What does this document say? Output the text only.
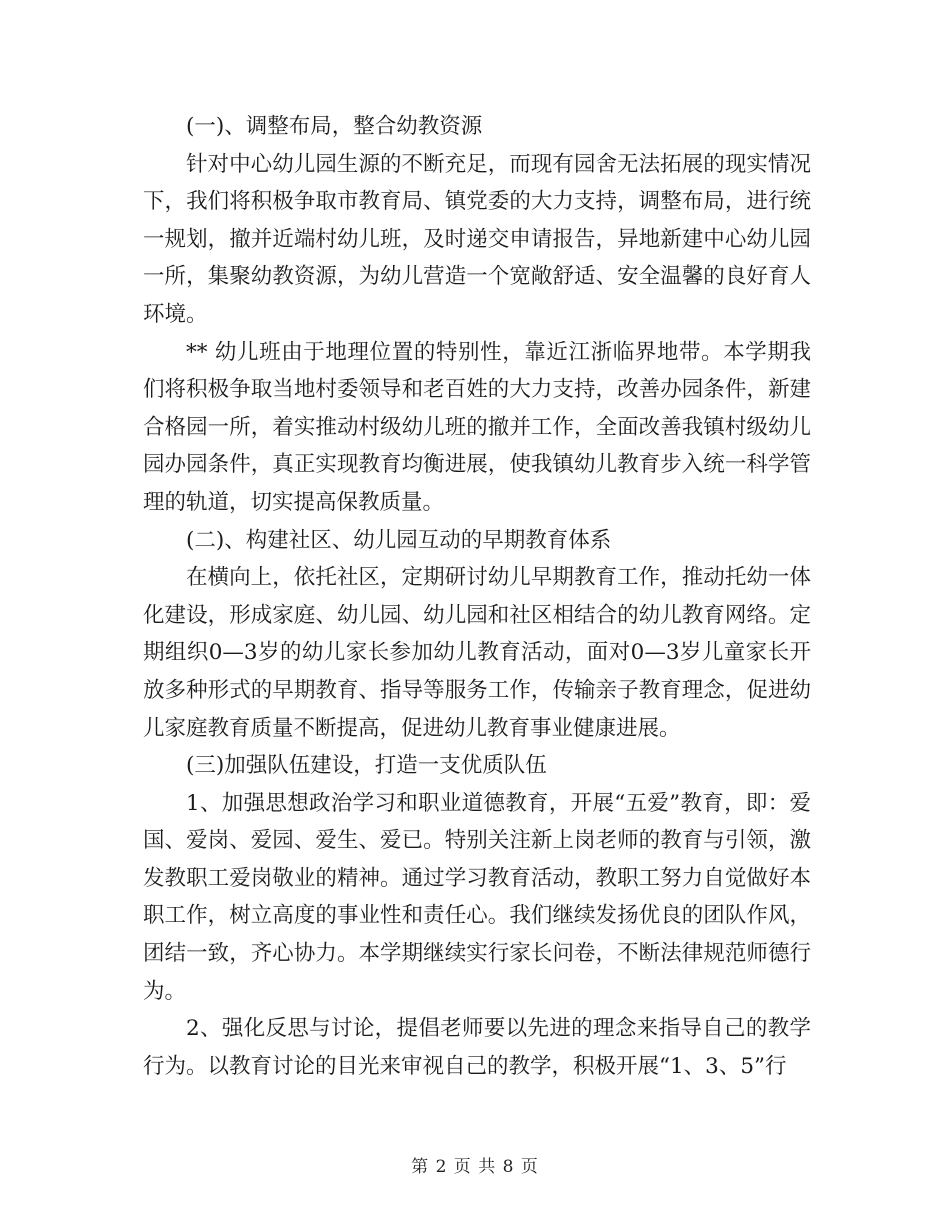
(一)、调整布局，整合幼教资源

针对中心幼儿园生源的不断充足，而现有园舍无法拓展的现实情况下，我们将积极争取市教育局、镇党委的大力支持，调整布局，进行统一规划，撤并近端村幼儿班，及时递交申请报告，异地新建中心幼儿园一所，集聚幼教资源，为幼儿营造一个宽敞舒适、安全温馨的良好育人环境。

** 幼儿班由于地理位置的特别性，靠近江浙临界地带。本学期我们将积极争取当地村委领导和老百姓的大力支持，改善办园条件，新建合格园一所，着实推动村级幼儿班的撤并工作，全面改善我镇村级幼儿园办园条件，真正实现教育均衡进展，使我镇幼儿教育步入统一科学管理的轨道，切实提高保教质量。

(二)、构建社区、幼儿园互动的早期教育体系

在横向上，依托社区，定期研讨幼儿早期教育工作，推动托幼一体化建设，形成家庭、幼儿园、幼儿园和社区相结合的幼儿教育网络。定期组织0—3岁的幼儿家长参加幼儿教育活动，面对0—3岁儿童家长开放多种形式的早期教育、指导等服务工作，传输亲子教育理念，促进幼儿家庭教育质量不断提高，促进幼儿教育事业健康进展。

(三)加强队伍建设，打造一支优质队伍

1、加强思想政治学习和职业道德教育，开展“五爱”教育，即：爱国、爱岗、爱园、爱生、爱已。特别关注新上岗老师的教育与引领，激发教职工爱岗敬业的精神。通过学习教育活动，教职工努力自觉做好本职工作，树立高度的事业性和责任心。我们继续发扬优良的团队作风，团结一致，齐心协力。本学期继续实行家长问卷，不断法律规范师德行为。

2、强化反思与讨论，提倡老师要以先进的理念来指导自己的教学行为。以教育讨论的目光来审视自己的教学，积极开展“1、3、5”行

第 2 页 共 8 页
